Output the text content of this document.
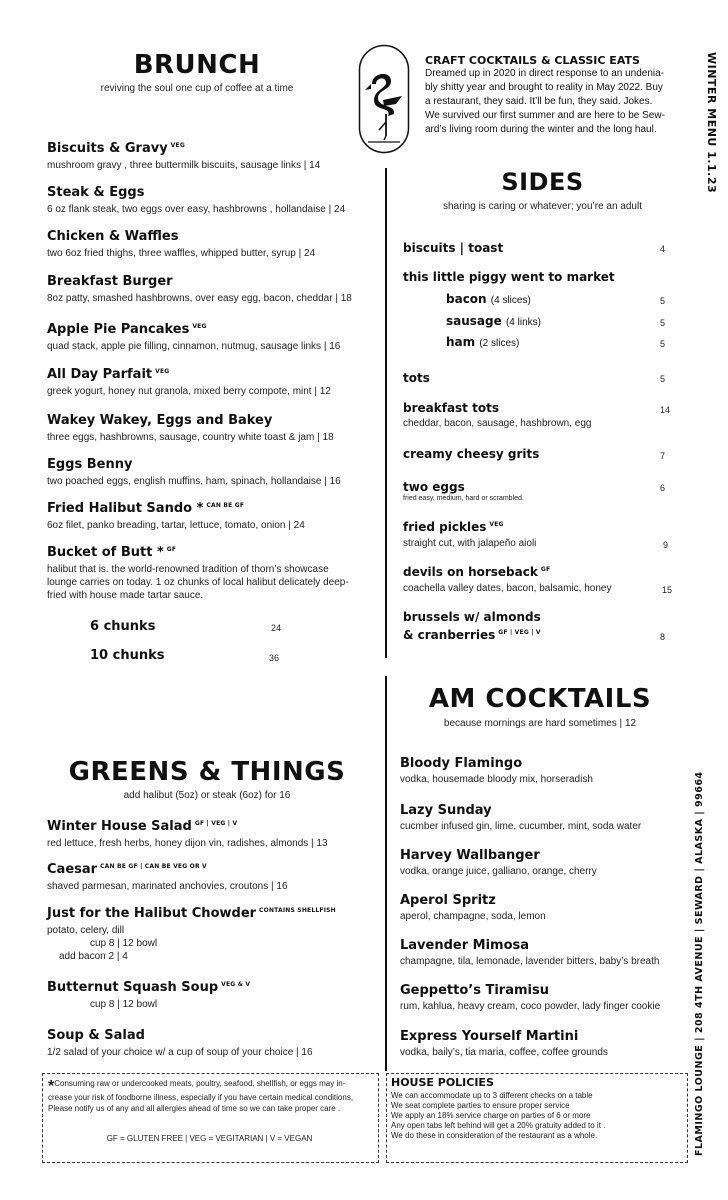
BRUNCH
reviving the soul one cup of coffee at a time
Biscuits & Gravy $^{VEG}$
mushroom gravy , three buttermilk biscuits, sausage links | 14
Steak & Eggs
6 oz flank steak, two eggs over easy, hashbrowns , hollandaise | 24
Chicken & Waffles
two 6oz fried thighs, three waffles, whipped butter, syrup | 24
Breakfast Burger
8oz patty, smashed hashbrowns, over easy egg, bacon, cheddar | 18
Apple Pie Pancakes $^{VEG}$
quad stack, apple pie filling, cinnamon, nutmug, sausage links | 16
All Day Parfait $^{VEG}$
greek yogurt, honey nut granola, mixed berry compote, mint | 12
Wakey Wakey, Eggs and Bakey
three eggs, hashbrowns, sausage, country white toast & jam | 18
Eggs Benny
two poached eggs, english muffins, ham, spinach, hollandaise | 16
Fried Halibut Sando * $^{CAN BE GF}$
6oz filet, panko breading, tartar, lettuce, tomato, onion | 24
Bucket of Butt * $^{GF}$
halibut that is. the world-renowned tradition of thorn’s showcase
lounge carries on today. 1 oz chunks of local halibut delicately deep-
fried with house made tartar sauce.
6 chunks	24
10 chunks	36
CRAFT COCKTAILS & CLASSIC EATS
Dreamed up in 2020 in direct response to an undenia-
bly shitty year and brought to reality in May 2022. Buy
a restaurant, they said. It’ll be fun, they said. Jokes.
We survived our first summer and are here to be Sew-
ard’s living room during the winter and the long haul.	WINTER MENU 1.1.23
SIDES
sharing is caring or whatever; you’re an adult
biscuits | toast	4
this little piggy went to market
bacon (4 slices)	5
sausage (4 links)	5
ham (2 slices)	5
tots	5
breakfast tots
cheddar, bacon, sausage, hashbrown, egg
14
creamy cheesy grits	7
two eggs
fried easy, medium, hard or scrambled.
6
fried pickles $^{VEG}$
straight cut, with jalapeño aioli	9
devils on horseback $^{GF}$
coachella valley dates, bacon, balsamic, honey	15
brussels w/ almonds
& cranberries $^{GF | VEG | V}$	8
AM COCKTAILS
because mornings are hard sometimes | 12
Bloody Flamingo
vodka, housemade bloody mix, horseradish
Lazy Sunday
cucmber infused gin, lime, cucumber, mint, soda water
Harvey Wallbanger
vodka, orange juice, galliano, orange, cherry
Aperol Spritz
aperol, champagne, soda, lemon
Lavender Mimosa
champagne, tila, lemonade, lavender bitters, baby’s breath
Geppetto’s Tiramisu
rum, kahlua, heavy cream, coco powder, lady finger cookie
Express Yourself Martini
vodka, baily’s, tia maria, coffee, coffee grounds
GREENS & THINGS
add halibut (5oz) or steak (6oz) for 16
Winter House Salad $^{GF | VEG | V}$
red lettuce, fresh herbs, honey dijon vin, radishes, almonds | 13
Caesar $^{CAN BE GF | CAN BE VEG OR V}$
shaved parmesan, marinated anchovies, croutons | 16
Just for the Halibut Chowder $^{CONTAINS SHELLFISH}$
potato, celery, dill
cup 8 | 12 bowl
add bacon 2 | 4
Butternut Squash Soup $^{VEG \& V}$
cup 8 | 12 bowl
Soup & Salad
1/2 salad of your choice w/ a cup of soup of your choice | 16
*Consuming raw or undercooked meats, poultry, seafood, shellfish, or eggs may in-
crease your risk of foodborne illness, especially if you have certain medical conditions,
Please notify us of any and all allergies ahead of time so we can take proper care .
GF = GLUTEN FREE | VEG = VEGITARIAN | V = VEGAN
HOUSE POLICIES
We can accommodate up to 3 different checks on a table
We seat complete parties to ensure proper service
We apply an 18% service charge on parties of 6 or more
Any open tabs left behind will get a 20% gratuity added to it .
We do these in consideration of the restaurant as a whole.	FLAMINGO LOUNGE | 208 4TH AVENUE | SEWARD | ALASKA | 99664
